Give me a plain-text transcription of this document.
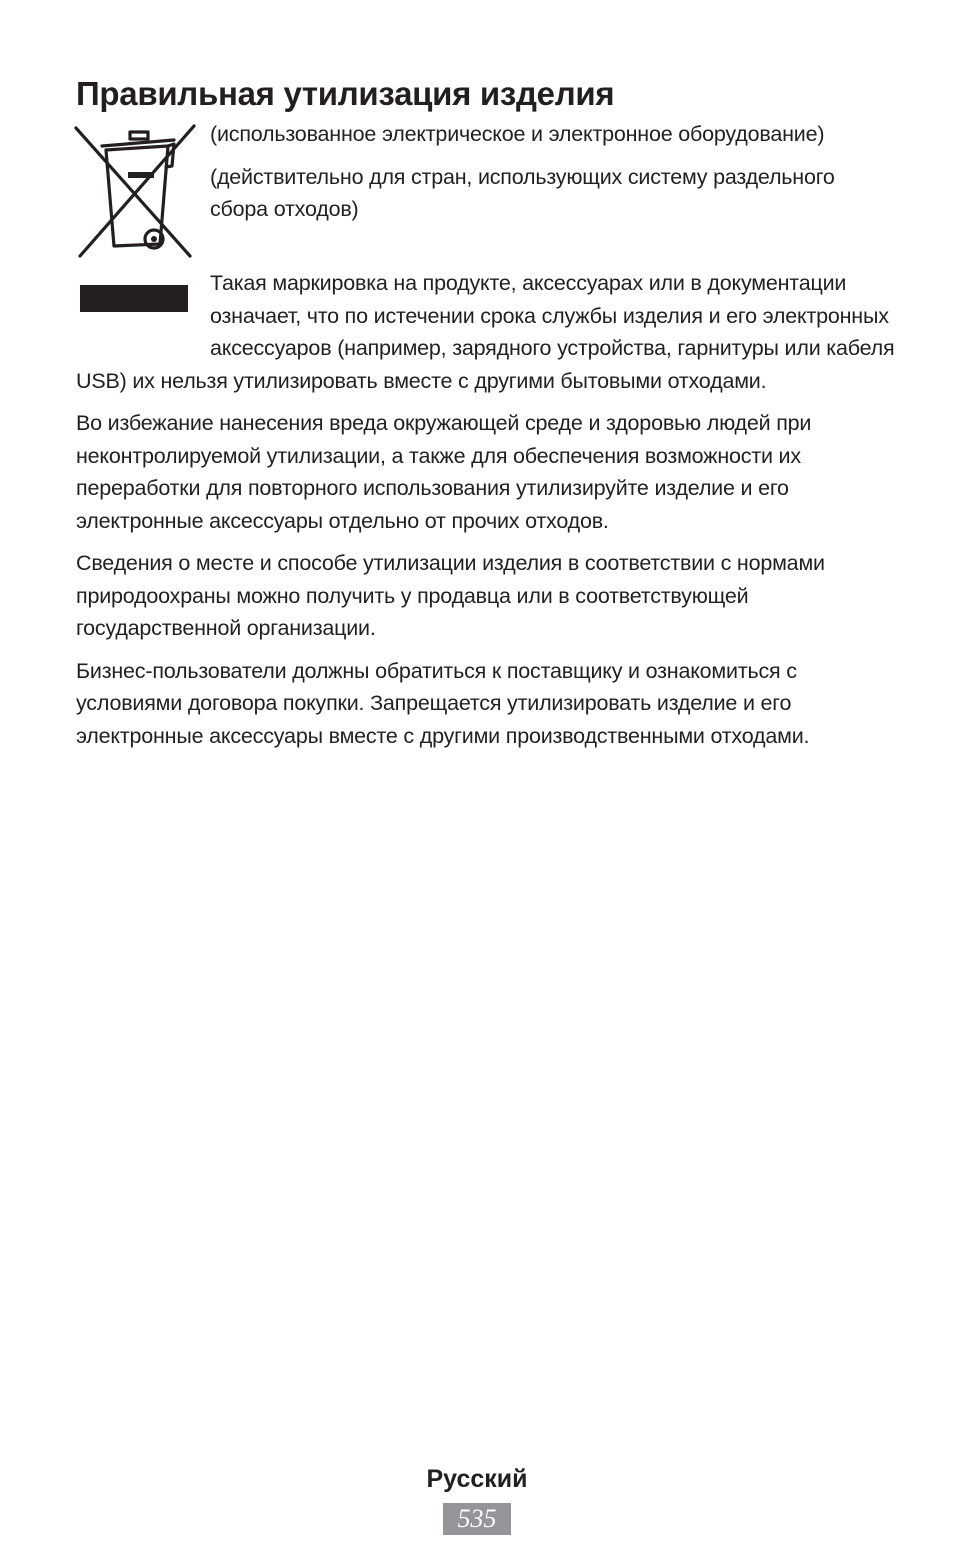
Правильная утилизация изделия

(использованное электрическое и электронное оборудование)

(действительно для стран, использующих систему раздельного сбора отходов)

Такая маркировка на продукте, аксессуарах или в документации означает, что по истечении срока службы изделия и его электронных аксессуаров (например, зарядного устройства, гарнитуры или кабеля USB) их нельзя утилизировать вместе с другими бытовыми отходами.

Во избежание нанесения вреда окружающей среде и здоровью людей при неконтролируемой утилизации, а также для обеспечения возможности их переработки для повторного использования утилизируйте изделие и его электронные аксессуары отдельно от прочих отходов.

Сведения о месте и способе утилизации изделия в соответствии с нормами природоохраны можно получить у продавца или в соответствующей государственной организации.

Бизнес-пользователи должны обратиться к поставщику и ознакомиться с условиями договора покупки. Запрещается утилизировать изделие и его электронные аксессуары вместе с другими производственными отходами.

Русский
535
